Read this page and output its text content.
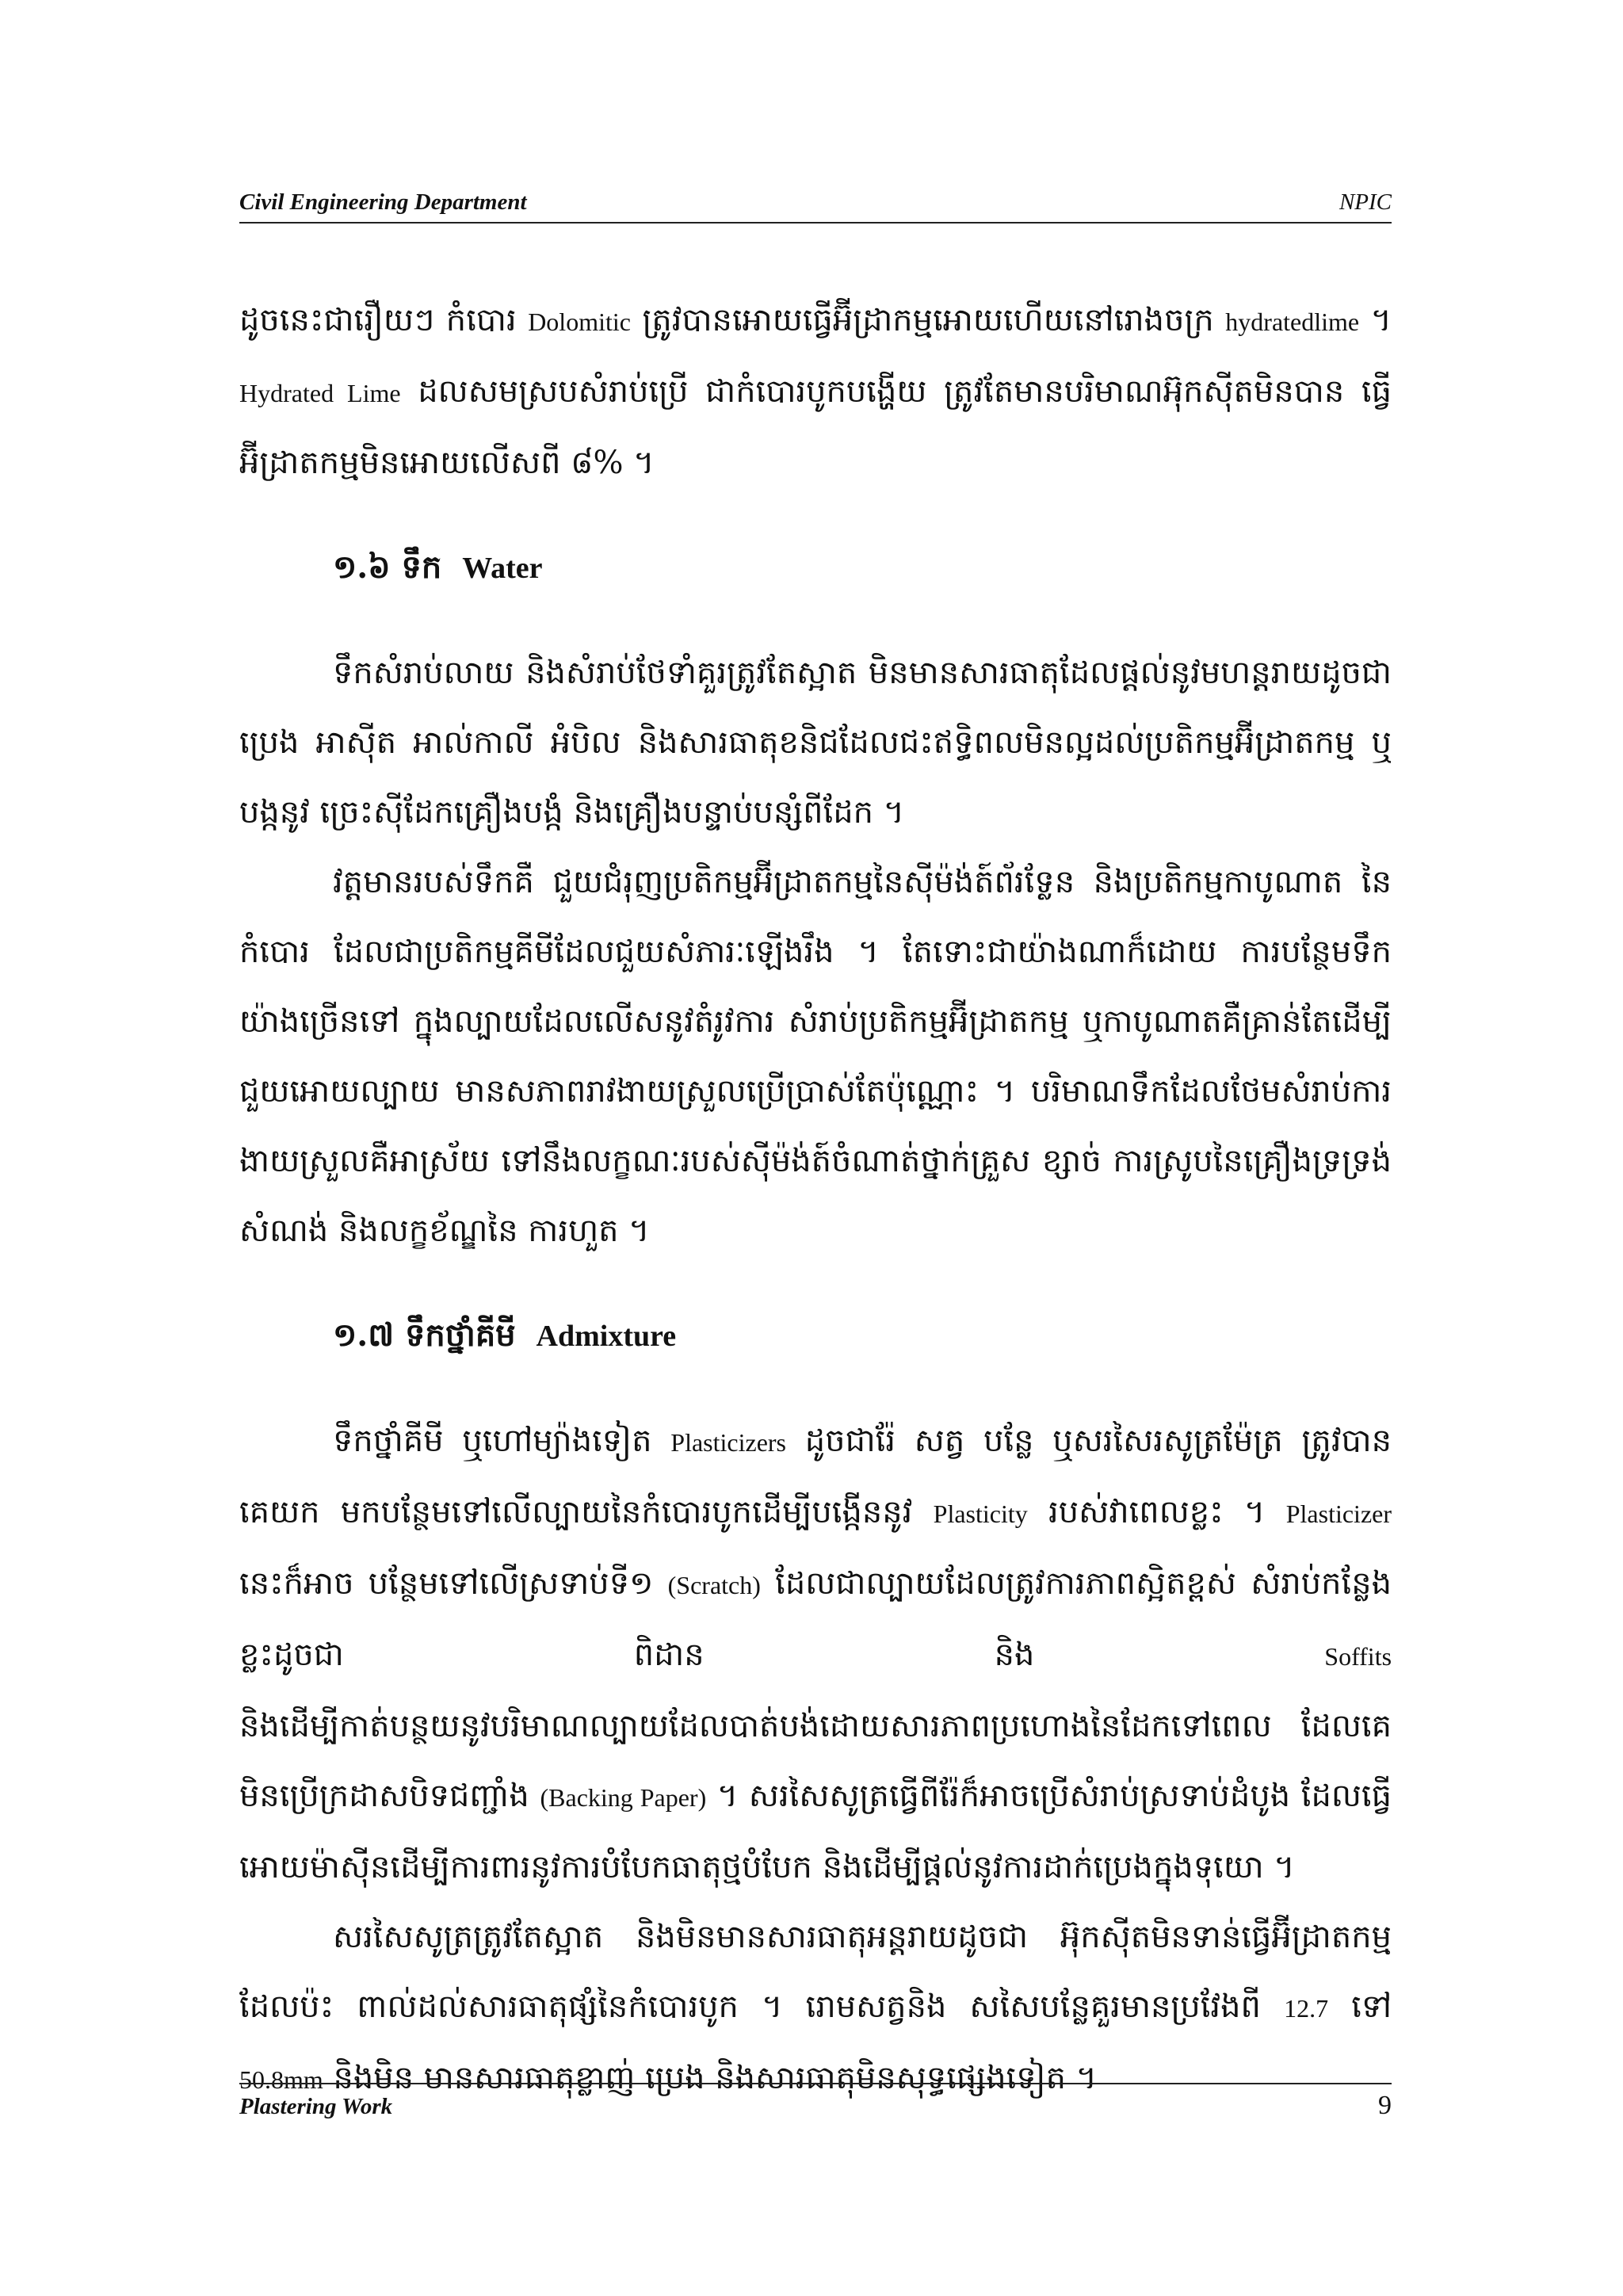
Civil Engineering Department	NPIC

ដូចនេះជារឿយៗ កំបោរ Dolomitic ត្រូវបានអោយធ្វើអ៊ីដ្រាកម្មអោយហើយនៅរោងចក្រ hydratedlime ។ Hydrated Lime ដលសមស្របសំរាប់ប្រើ ជាកំបោរបូកបង្ហើយ ត្រូវតែមានបរិមាណអ៊ុកស៊ីតមិនបាន ធ្វើអ៊ីដ្រាតកម្មមិនអោយលើសពី ៨% ។

១.៦ ទឹក Water

ទឹកសំរាប់លាយ និងសំរាប់ថែទាំគួរត្រូវតែស្អាត មិនមានសារធាតុដែលផ្តល់នូវមហន្តរាយដូចជា ប្រេង អាស៊ីត អាល់កាលី អំបិល និងសារធាតុខនិជដែលជះឥទ្ធិពលមិនល្អដល់ប្រតិកម្មអ៊ីដ្រាតកម្ម ឬបង្កនូវ ច្រេះស៊ីដែកគ្រឿងបង្កំ និងគ្រឿងបន្ទាប់បន្សំពីដែក ។

វត្តមានរបស់ទឹកគឺ ជួយជំរុញប្រតិកម្មអ៊ីដ្រាតកម្មនៃស៊ីម៉ង់ត៍ព័រទ្លែន និងប្រតិកម្មកាបូណាត នៃកំបោរ ដែលជាប្រតិកម្មគីមីដែលជួយសំភារៈឡើងរឹង ។ តែទោះជាយ៉ាងណាក៏ដោយ ការបន្ថែមទឹក យ៉ាងច្រើនទៅ ក្នុងល្បាយដែលលើសនូវតំរូវការ សំរាប់ប្រតិកម្មអ៊ីដ្រាតកម្ម ឬកាបូណាតគឺគ្រាន់តែដើម្បី ជួយអោយល្បាយ មានសភាពរាវងាយស្រួលប្រើប្រាស់តែប៉ុណ្ណោះ ។ បរិមាណទឹកដែលថែមសំរាប់ការ ងាយស្រួលគឺអាស្រ័យ ទៅនឹងលក្ខណៈរបស់ស៊ីម៉ង់ត៍ចំណាត់ថ្នាក់គ្រួស ខ្សាច់ ការស្រូបនៃគ្រឿងទ្រទ្រង់ សំណង់ និងលក្ខខ័ណ្ឌនៃ ការហួត ។

១.៧ ទឹកថ្នាំគីមី Admixture

ទឹកថ្នាំគីមី ឬហៅម្យ៉ាងទៀត Plasticizers ដូចជារ៉ែ សត្វ បន្លែ ឬសរសៃរសូត្រម៉ែត្រ ត្រូវបានគេយក មកបន្ថែមទៅលើល្បាយនៃកំបោរបូកដើម្បីបង្កើននូវ Plasticity របស់វាពេលខ្លះ ។ Plasticizer នេះក៏អាច បន្ថែមទៅលើស្រទាប់ទី១ (Scratch) ដែលជាល្បាយដែលត្រូវការភាពស្អិតខ្ពស់ សំរាប់កន្លែងខ្លះដូចជា	ពិដាន	និង	Soffits

និងដើម្បីកាត់បន្ថយនូវបរិមាណល្បាយដែលបាត់បង់ដោយសារភាពប្រហោងនៃដែកទៅពេល ដែលគេមិនប្រើក្រដាសបិទជញ្ជាំង (Backing Paper) ។ សរសៃសូត្រធ្វើពីរ៉ែក៏អាចប្រើសំរាប់ស្រទាប់ដំបូង ដែលធ្វើអោយម៉ាស៊ីនដើម្បីការពារនូវការបំបែកធាតុថ្មបំបែក និងដើម្បីផ្តល់នូវការដាក់ប្រេងក្នុងទុយោ ។

សរសៃសូត្រត្រូវតែស្អាត និងមិនមានសារធាតុអន្តរាយដូចជា អ៊ុកស៊ីតមិនទាន់ធ្វើអ៊ីដ្រាតកម្មដែលប៉ះ ពាល់ដល់សារធាតុផ្សំនៃកំបោរបូក ។ រោមសត្វនិង សសៃបន្លែគួរមានប្រវែងពី 12.7 ទៅ 50.8mm និងមិន មានសារធាតុខ្លាញ់ ប្រេង និងសារធាតុមិនសុទ្ធផ្សេងទៀត ។

Plastering Work	9
